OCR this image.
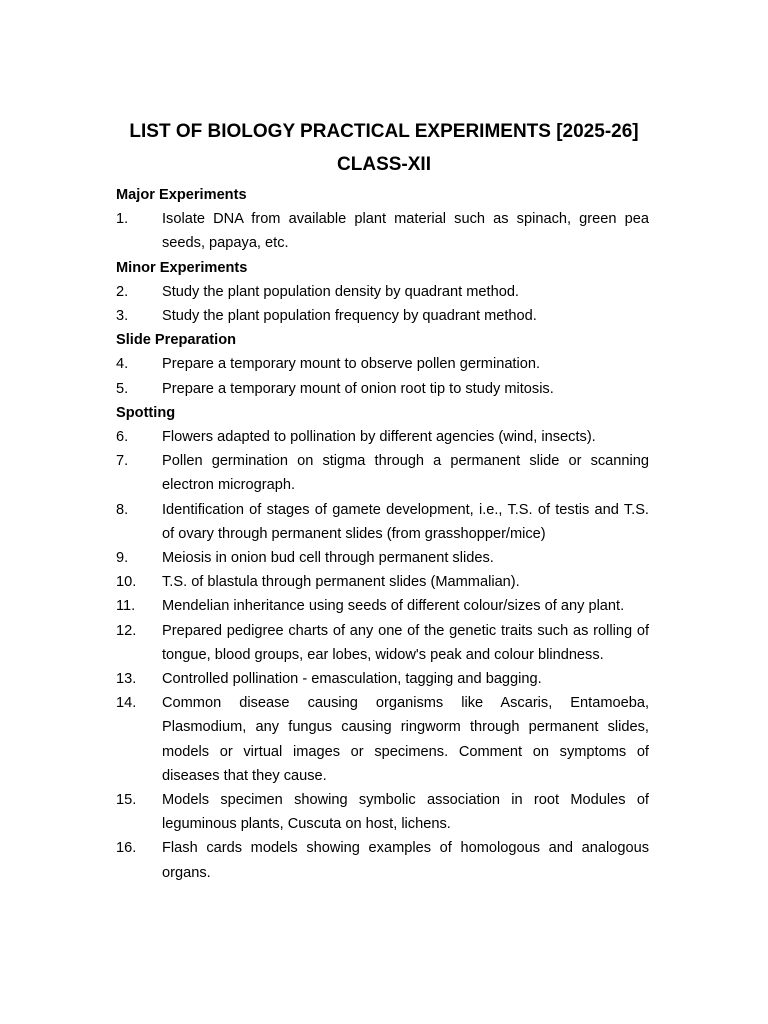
LIST OF BIOLOGY PRACTICAL EXPERIMENTS [2025-26]
CLASS-XII

Major Experiments

1.	Isolate DNA from available plant material such as spinach, green pea seeds, papaya, etc.

Minor Experiments

2.	Study the plant population density by quadrant method.
3.	Study the plant population frequency by quadrant method.

Slide Preparation

4.	Prepare a temporary mount to observe pollen germination.
5.	Prepare a temporary mount of onion root tip to study mitosis.

Spotting

6.	Flowers adapted to pollination by different agencies (wind, insects).
7.	Pollen germination on stigma through a permanent slide or scanning electron micrograph.
8.	Identification of stages of gamete development, i.e., T.S. of testis and T.S. of ovary through permanent slides (from grasshopper/mice)
9.	Meiosis in onion bud cell through permanent slides.
10.	T.S. of blastula through permanent slides (Mammalian).
11.	Mendelian inheritance using seeds of different colour/sizes of any plant.
12.	Prepared pedigree charts of any one of the genetic traits such as rolling of tongue, blood groups, ear lobes, widow's peak and colour blindness.
13.	Controlled pollination - emasculation, tagging and bagging.
14.	Common disease causing organisms like Ascaris, Entamoeba, Plasmodium, any fungus causing ringworm through permanent slides, models or virtual images or specimens. Comment on symptoms of diseases that they cause.
15.	Models specimen showing symbolic association in root Modules of leguminous plants, Cuscuta on host, lichens.
16.	Flash cards models showing examples of homologous and analogous organs.
